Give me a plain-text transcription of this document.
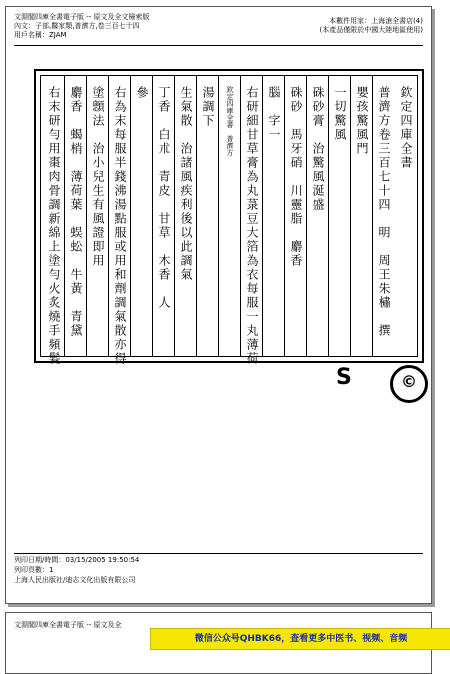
文淵閣四庫全書電子版 -- 原文及全文檢索版
內文：子部,醫家類,普濟方,卷三百七十四
用戶名稱：ZJAM
本數件用家：上海滄全書店(4)
(本產品僅限於中國大陸地區使用)
欽定四庫全書
普濟方卷三百七十四　明　周王朱橚　撰
嬰孩驚風門
一切驚風
硃砂膏　治驚風涎盛
硃砂　馬牙硝　川靈脂　麝香
腦　字一
右研細甘草膏為丸菉豆大箔為衣每服一丸薄荷
欽定四庫全書　普濟方
湯調下
生氣散　治諸風疾利後以此調氣
丁香　白朮　青皮　甘草　木香　人
參
右為末每服半錢沸湯點服或用和劑調氣散亦得
塗顖法　治小兒生有風證即用
麝香　蝎梢　薄荷葉　蜈蚣　牛黃　青黛
右末研勻用棗肉骨調新綿上塗勻火炙燒手頻髮
S	©
列印日期/時間：03/15/2005 19:50:54
列印頁數：1
上海人民出版社/迪志文化出版有限公司
文淵閣四庫全書電子版 -- 原文及全
微信公众号QHBK66，查看更多中医书、视频、音频
